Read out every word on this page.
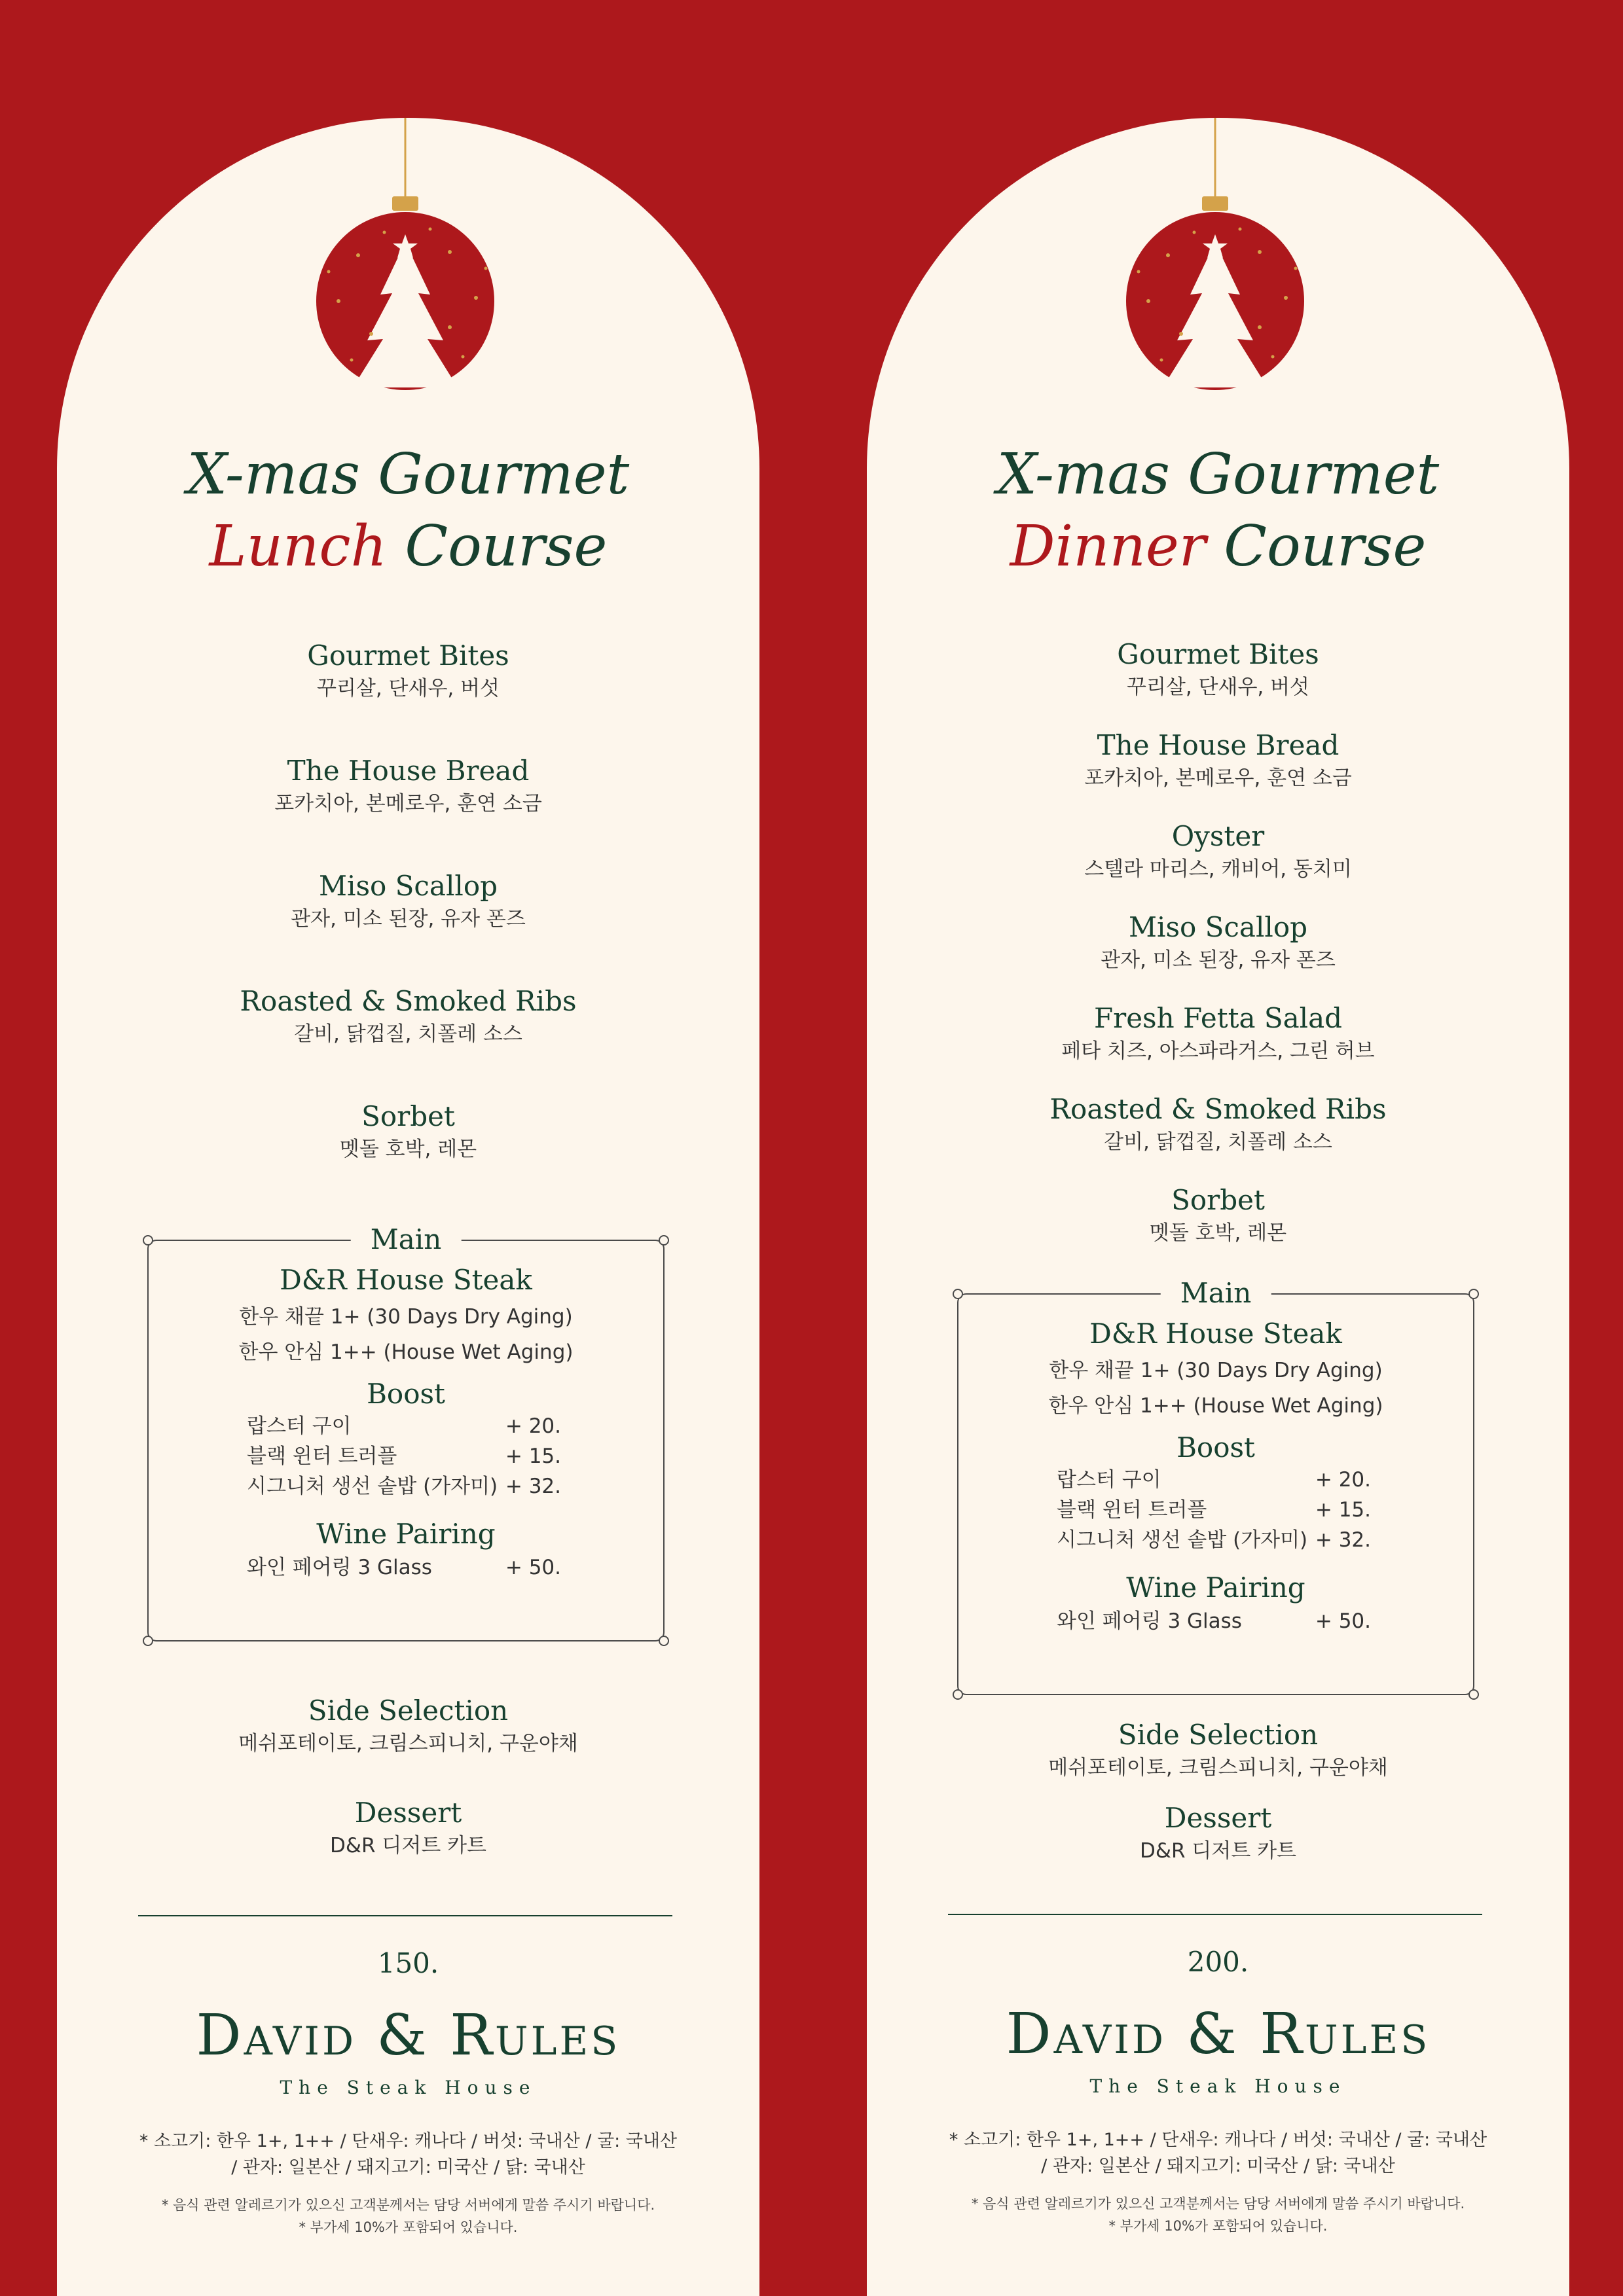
X-mas Gourmet
Lunch Course
Gourmet Bites
꾸리살, 단새우, 버섯
The House Bread
포카치아, 본메로우, 훈연 소금
Miso Scallop
관자, 미소 된장, 유자 폰즈
Roasted & Smoked Ribs
갈비, 닭껍질, 치폴레 소스
Sorbet
멧돌 호박, 레몬
Main
D&R House Steak
한우 채끝 1+ (30 Days Dry Aging)
한우 안심 1++ (House Wet Aging)
Boost
랍스터 구이	+ 20.
블랙 윈터 트러플	+ 15.
시그니처 생선 솥밥 (가자미) + 32.
Wine Pairing
와인 페어링 3 Glass	+ 50.
Side Selection
메쉬포테이토, 크림스피니치, 구운야채
Dessert
D&R 디저트 카트
150.
David & Rules
The Steak House
* 소고기: 한우 1+, 1++ / 단새우: 캐나다 / 버섯: 국내산 / 굴: 국내산
/ 관자: 일본산 / 돼지고기: 미국산 / 닭: 국내산
* 음식 관련 알레르기가 있으신 고객분께서는 담당 서버에게 말씀 주시기 바랍니다.
* 부가세 10%가 포함되어 있습니다.
X-mas Gourmet
Dinner Course
Gourmet Bites
꾸리살, 단새우, 버섯
The House Bread
포카치아, 본메로우, 훈연 소금
Oyster
스텔라 마리스, 캐비어, 동치미
Miso Scallop
관자, 미소 된장, 유자 폰즈
Fresh Fetta Salad
페타 치즈, 아스파라거스, 그린 허브
Roasted & Smoked Ribs
갈비, 닭껍질, 치폴레 소스
Sorbet
멧돌 호박, 레몬
Main
D&R House Steak
한우 채끝 1+ (30 Days Dry Aging)
한우 안심 1++ (House Wet Aging)
Boost
랍스터 구이	+ 20.
블랙 윈터 트러플	+ 15.
시그니처 생선 솥밥 (가자미) + 32.
Wine Pairing
와인 페어링 3 Glass	+ 50.
Side Selection
메쉬포테이토, 크림스피니치, 구운야채
Dessert
D&R 디저트 카트
200.
David & Rules
The Steak House
* 소고기: 한우 1+, 1++ / 단새우: 캐나다 / 버섯: 국내산 / 굴: 국내산
/ 관자: 일본산 / 돼지고기: 미국산 / 닭: 국내산
* 음식 관련 알레르기가 있으신 고객분께서는 담당 서버에게 말씀 주시기 바랍니다.
* 부가세 10%가 포함되어 있습니다.
